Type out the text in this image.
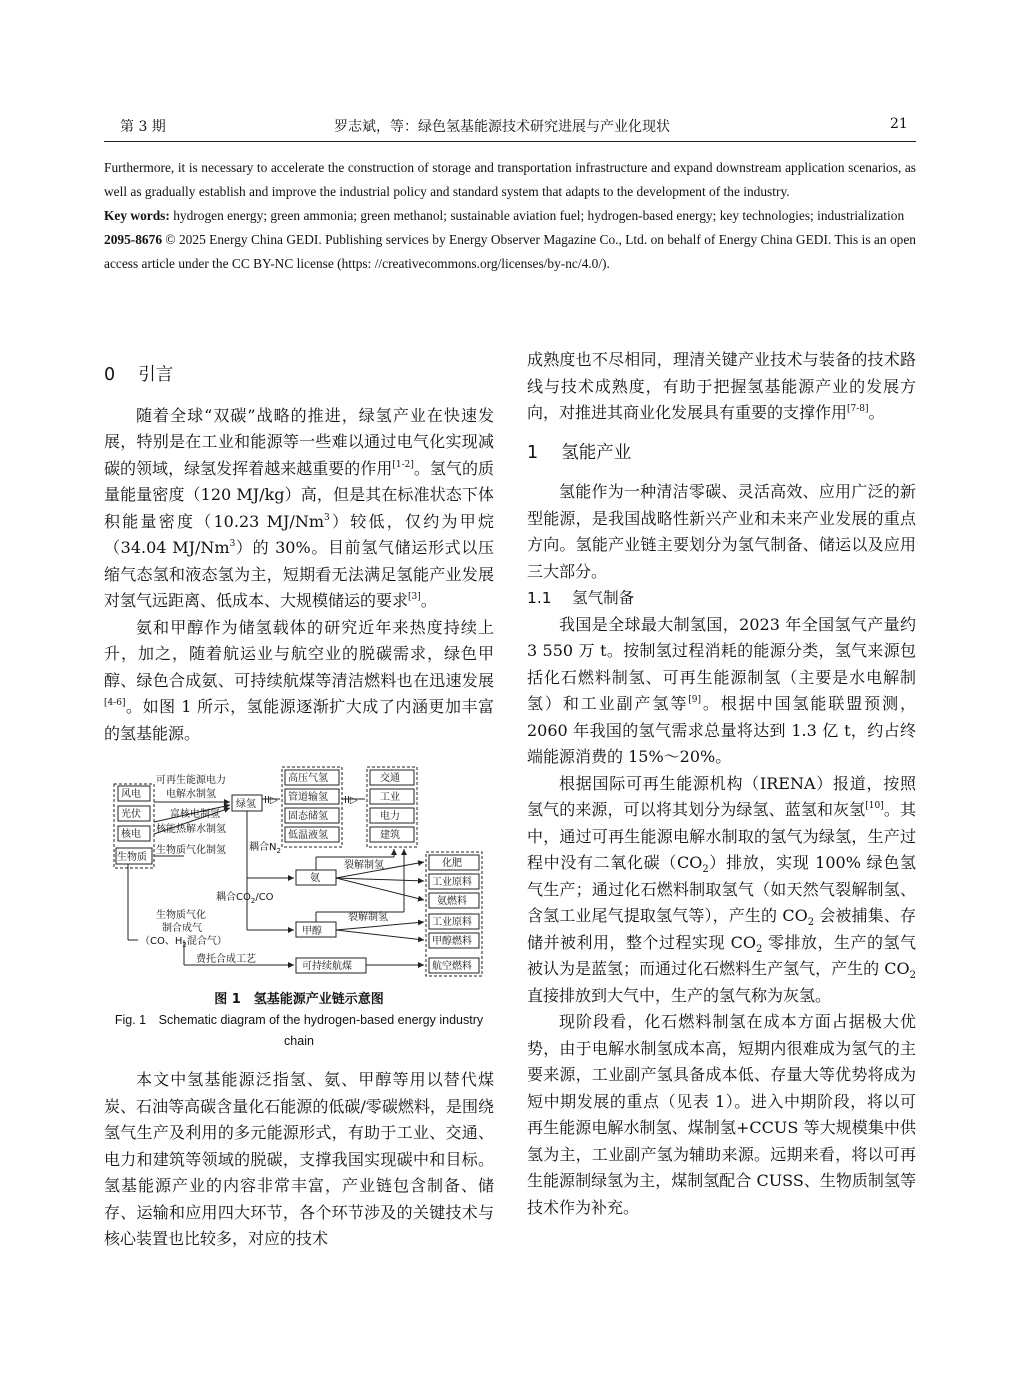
第 3 期	罗志斌，等：绿色氢基能源技术研究进展与产业化现状	21

Furthermore, it is necessary to accelerate the construction of storage and transportation infrastructure and expand downstream application scenarios, as well as gradually establish and improve the industrial policy and standard system that adapts to the development of the industry.

Key words: hydrogen energy; green ammonia; green methanol; sustainable aviation fuel; hydrogen-based energy; key technologies; industrialization

2095-8676 © 2025 Energy China GEDI. Publishing services by Energy Observer Magazine Co., Ltd. on behalf of Energy China GEDI. This is an open access article under the CC BY-NC license (https: //creativecommons.org/licenses/by-nc/4.0/).

0　 引言

随着全球“双碳”战略的推进，绿氢产业在快速发展，特别是在工业和能源等一些难以通过电气化实现减碳的领域，绿氢发挥着越来越重要的作用[1-2]。氢气的质量能量密度（120 MJ/kg）高，但是其在标准状态下体积能量密度（10.23 MJ/Nm$^3$）较低，仅约为甲烷（34.04 MJ/Nm$^3$）的 30%。目前氢气储运形式以压缩气态氢和液态氢为主，短期看无法满足氢能产业发展对氢气远距离、低成本、大规模储运的要求[3]。

氨和甲醇作为储氢载体的研究近年来热度持续上升，加之，随着航运业与航空业的脱碳需求，绿色甲醇、绿色合成氨、可持续航煤等清洁燃料也在迅速发展[4-6]。如图 1 所示，氢能源逐渐扩大成了内涵更加丰富的氢基能源。

ⅠⅠ▷	ⅠⅠ▷
风电
光伏
核电
生物质
可再生能源电力
电解水制氢
富核电制氢
核能热解水制氢
生物质气化制氢
绿氢
高压气氢
管道输氢
固态储氢
低温液氢
交通
工业
电力
建筑
耦合$N_2$
氨
裂解制氢
耦合$CO_2/CO$
生物质气化
制合成气
（CO、$H_2$混合气）
甲醇
裂解制氢
费托合成工艺
可持续航煤
化肥
工业原料
氨燃料
工业原料
甲醇燃料
航空燃料
图 1　氢基能源产业链示意图
Fig. 1　Schematic diagram of the hydrogen-based energy industry chain

本文中氢基能源泛指氢、氨、甲醇等用以替代煤炭、石油等高碳含量化石能源的低碳/零碳燃料，是围绕氢气生产及利用的多元能源形式，有助于工业、交通、电力和建筑等领域的脱碳，支撑我国实现碳中和目标。氢基能源产业的内容非常丰富，产业链包含制备、储存、运输和应用四大环节，各个环节涉及的关键技术与核心装置也比较多，对应的技术

成熟度也不尽相同，理清关键产业技术与装备的技术路线与技术成熟度，有助于把握氢基能源产业的发展方向，对推进其商业化发展具有重要的支撑作用[7-8]。

1　 氢能产业

氢能作为一种清洁零碳、灵活高效、应用广泛的新型能源，是我国战略性新兴产业和未来产业发展的重点方向。氢能产业链主要划分为氢气制备、储运以及应用三大部分。

1.1　 氢气制备

我国是全球最大制氢国，2023 年全国氢气产量约 3 550 万 t。按制氢过程消耗的能源分类，氢气来源包括化石燃料制氢、可再生能源制氢（主要是水电解制氢）和工业副产氢等[9]。根据中国氢能联盟预测，2060 年我国的氢气需求总量将达到 1.3 亿 t，约占终端能源消费的 15%～20%。

根据国际可再生能源机构（IRENA）报道，按照氢气的来源，可以将其划分为绿氢、蓝氢和灰氢[10]。其中，通过可再生能源电解水制取的氢气为绿氢，生产过程中没有二氧化碳$(CO_2)$排放，实现 100% 绿色氢气生产；通过化石燃料制取氢气（如天然气裂解制氢、含氢工业尾气提取氢气等），产生的 $CO_2$ 会被捕集、存储并被利用，整个过程实现 $CO_2$ 零排放，生产的氢气被认为是蓝氢；而通过化石燃料生产氢气，产生的 $CO_2$ 直接排放到大气中，生产的氢气称为灰氢。

现阶段看，化石燃料制氢在成本方面占据极大优势，由于电解水制氢成本高，短期内很难成为氢气的主要来源，工业副产氢具备成本低、存量大等优势将成为短中期发展的重点（见表 1）。进入中期阶段，将以可再生能源电解水制氢、煤制氢+CCUS 等大规模集中供氢为主，工业副产氢为辅助来源。远期来看，将以可再生能源制绿氢为主，煤制氢配合 CUSS、生物质制氢等技术作为补充。
